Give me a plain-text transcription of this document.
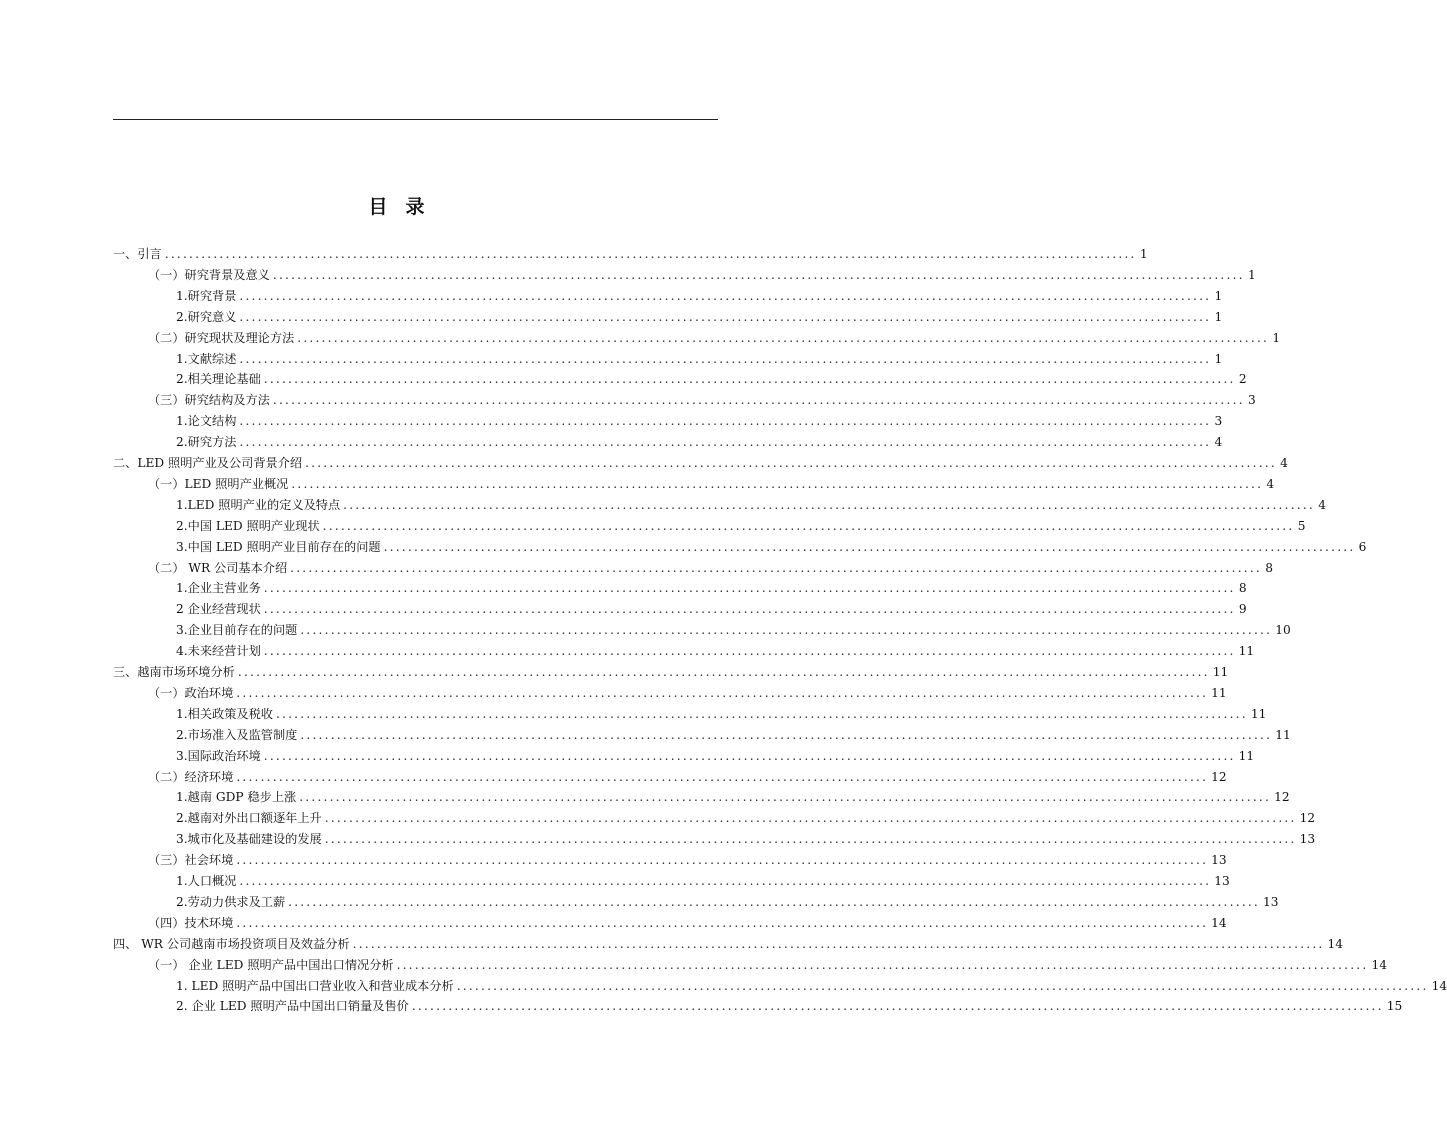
目 录
一、引言 ................................................................................................................................................................ 1
（一）研究背景及意义 ................................................................................................................................................................ 1
1.研究背景 ................................................................................................................................................................ 1
2.研究意义 ................................................................................................................................................................ 1
（二）研究现状及理论方法 ................................................................................................................................................................ 1
1.文献综述 ................................................................................................................................................................ 1
2.相关理论基础 ................................................................................................................................................................ 2
（三）研究结构及方法 ................................................................................................................................................................ 3
1.论文结构 ................................................................................................................................................................ 3
2.研究方法 ................................................................................................................................................................ 4
二、LED 照明产业及公司背景介绍 ................................................................................................................................................................ 4
（一）LED 照明产业概况 ................................................................................................................................................................ 4
1.LED 照明产业的定义及特点 ................................................................................................................................................................ 4
2.中国 LED 照明产业现状 ................................................................................................................................................................ 5
3.中国 LED 照明产业目前存在的问题 ................................................................................................................................................................ 6
（二） WR 公司基本介绍 ................................................................................................................................................................ 8
1.企业主营业务 ................................................................................................................................................................ 8
2 企业经营现状 ................................................................................................................................................................ 9
3.企业目前存在的问题 ................................................................................................................................................................ 10
4.未来经营计划 ................................................................................................................................................................ 11
三、越南市场环境分析 ................................................................................................................................................................ 11
（一）政治环境 ................................................................................................................................................................ 11
1.相关政策及税收 ................................................................................................................................................................ 11
2.市场准入及监管制度 ................................................................................................................................................................ 11
3.国际政治环境 ................................................................................................................................................................ 11
（二）经济环境 ................................................................................................................................................................ 12
1.越南 GDP 稳步上涨 ................................................................................................................................................................ 12
2.越南对外出口额逐年上升 ................................................................................................................................................................ 12
3.城市化及基础建设的发展 ................................................................................................................................................................ 13
（三）社会环境 ................................................................................................................................................................ 13
1.人口概况 ................................................................................................................................................................ 13
2.劳动力供求及工薪 ................................................................................................................................................................ 13
（四）技术环境 ................................................................................................................................................................ 14
四、 WR 公司越南市场投资项目及效益分析 ................................................................................................................................................................ 14
（一） 企业 LED 照明产品中国出口情况分析 ................................................................................................................................................................ 14
1. LED 照明产品中国出口营业收入和营业成本分析 ................................................................................................................................................................ 14
2. 企业 LED 照明产品中国出口销量及售价 ................................................................................................................................................................ 15
